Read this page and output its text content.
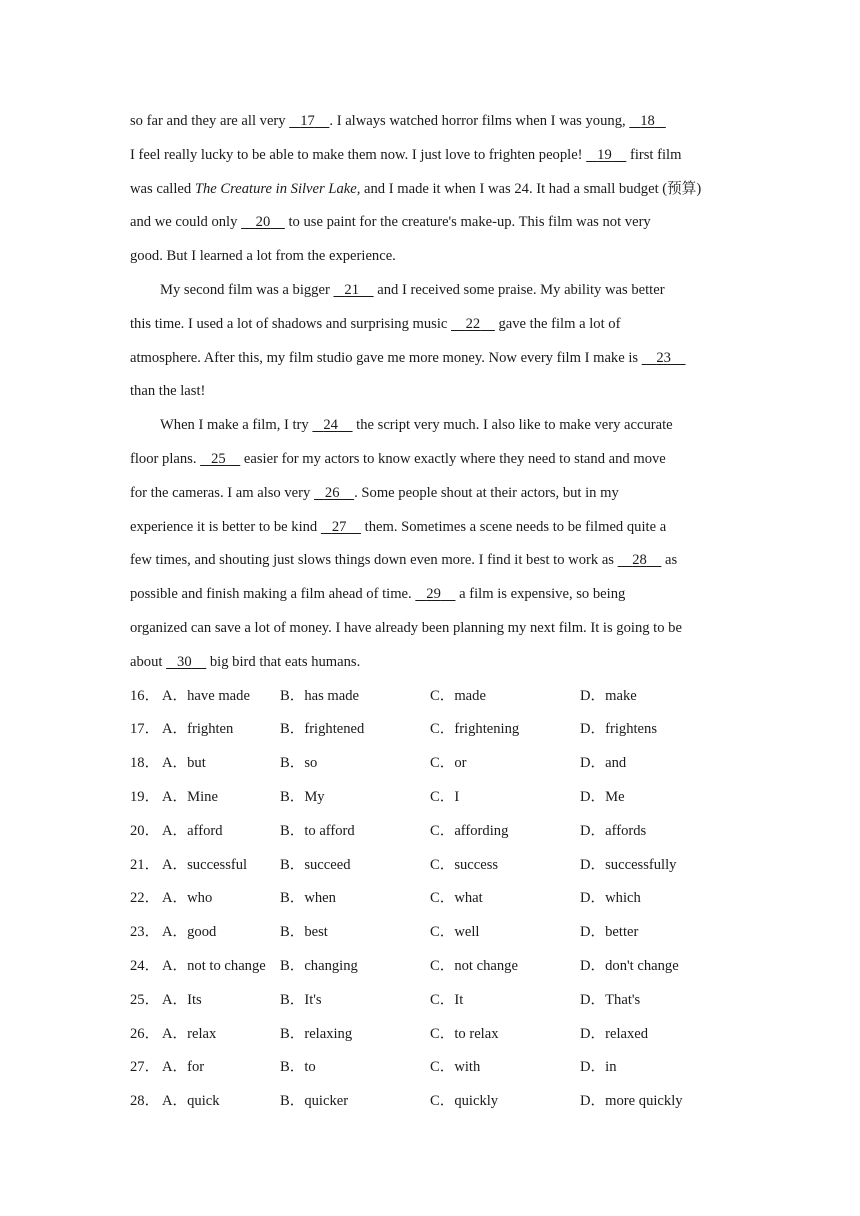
so far and they are all very    17 . I always watched horror films when I was young,    18
I feel really lucky to be able to make them now. I just love to frighten people!    19     first film
was called The Creature in Silver Lake, and I made it when I was 24. It had a small budget (预算)
and we could only     20     to use paint for the creature's make-up. This film was not very
good. But I learned a lot from the experience.
My second film was a bigger    21     and I received some praise. My ability was better
this time. I used a lot of shadows and surprising music     22     gave the film a lot of
atmosphere. After this, my film studio gave me more money. Now every film I make is     23
than the last!
When I make a film, I try    24     the script very much. I also like to make very accurate
floor plans.    25     easier for my actors to know exactly where they need to stand and move
for the cameras. I am also very    26 . Some people shout at their actors, but in my
experience it is better to be kind    27     them. Sometimes a scene needs to be filmed quite a
few times, and shouting just slows things down even more. I find it best to work as     28     as
possible and finish making a film ahead of time.    29     a film is expensive, so being
organized can save a lot of money. I have already been planning my next film. It is going to be
about    30     big bird that eats humans.
16． A．have made B．has made	C．made	D．make
17． A．frighten	B．frightened	C．frightening	D．frightens
18． A．but	B．so	C．or	D．and
19． A．Mine	B．My	C．I	D．Me
20． A．afford	B．to afford	C．affording	D．affords
21． A．successful B．succeed	C．success	D．successfully
22． A．who	B．when	C．what	D．which
23． A．good	B．best	C．well	D．better
24． A．not to change B．changing	C．not change	D．don't change
25． A．Its	B．It's	C．It	D．That's
26． A．relax	B．relaxing	C．to relax	D．relaxed
27． A．for	B．to	C．with	D．in
28． A．quick	B．quicker	C．quickly	D．more quickly
